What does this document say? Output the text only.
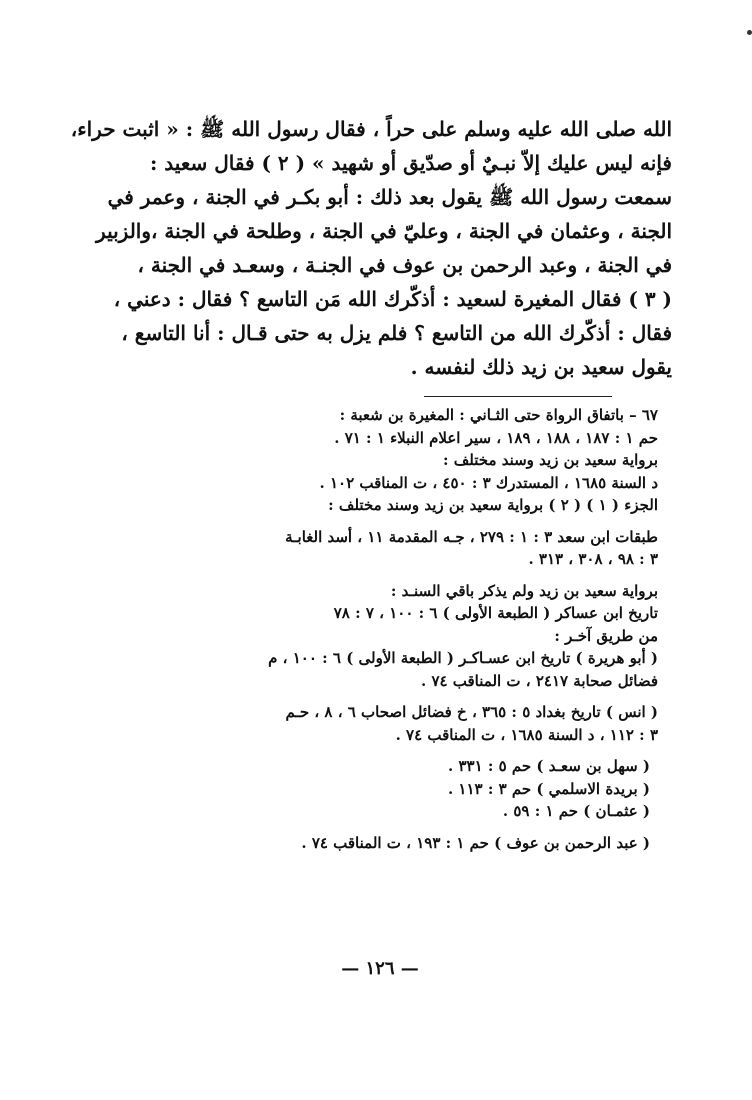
الله صلى الله عليه وسلم على حراً ، فقال رسول الله ﷺ : « اثبت حراء،
فإنه ليس عليك إلاّ نبـيٌ أو صدّيق أو شهيد » ( ٢ ) فقال سعيد :
سمعت رسول الله ﷺ يقول بعد ذلك : أبو بكـر في الجنة ، وعمر في
الجنة ، وعثمان في الجنة ، وعليّ في الجنة ، وطلحة في الجنة ،والزبير
في الجنة ، وعبد الرحمن بن عوف في الجنـة ، وسعـد في الجنة ،
( ٣ ) فقال المغيرة لسعيد : أذكّرك الله مَن التاسع ؟ فقال : دعني ،
فقال : أذكّرك الله من التاسع ؟ فلم يزل به حتى قـال : أنا التاسع ،
يقول سعيد بن زيد ذلك لنفسه .
٦٧ – باتفاق الرواة حتى الثـاني : المغيرة بن شعبة :
حم ١ : ١٨٧ ، ١٨٨ ، ١٨٩ ، سير اعلام النبلاء ١ : ٧١ .
برواية سعيد بن زيد وسند مختلف :
د السنة ١٦٨٥ ، المستدرك ٣ : ٤٥٠ ، ت المناقب ١٠٢ .
الجزء ( ١ ) ( ٢ ) برواية سعيد بن زيد وسند مختلف :
طبقات ابن سعد ٣ : ١ : ٢٧٩ ، جـه المقدمة ١١ ، أسد الغابـة
٣ : ٩٨ ، ٣٠٨ ، ٣١٣ .
برواية سعيد بن زيد ولم يذكر باقي السنـد :
تاريخ ابن عساكر ( الطبعة الأولى ) ٦ : ١٠٠ ، ٧ : ٧٨
من طريق آخـر :
( أبو هريرة ) تاريخ ابن عسـاكـر ( الطبعة الأولى ) ٦ : ١٠٠ ، م
فضائل صحابة ٢٤١٧ ، ت المناقب ٧٤ .
( انس ) تاريخ بغداد ٥ : ٣٦٥ ، خ فضائل اصحاب ٦ ، ٨ ، حـم
٣ : ١١٢ ، د السنة ١٦٨٥ ، ت المناقب ٧٤ .
( سهل بن سعـد ) حم ٥ : ٣٣١ .
( بريدة الاسلمي ) حم ٣ : ١١٣ .
( عثمـان ) حم ١ : ٥٩ .
( عبد الرحمن بن عوف ) حم ١ : ١٩٣ ، ت المناقب ٧٤ .
— ١٢٦ —
